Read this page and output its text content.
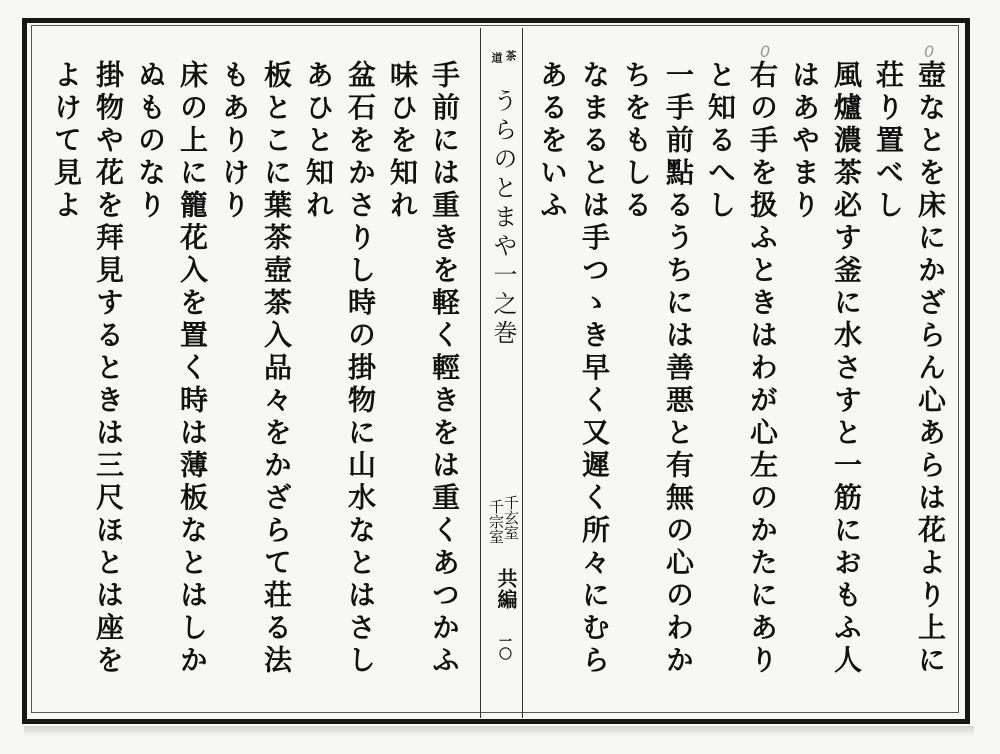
壺なとを床にかざらん心あらは花より上に
荘り置べし
風爐濃茶必す釜に水さすと一筋におもふ人
はあやまり
右の手を扱ふときはわが心左のかたにあり
と知るへし
一手前點るうちには善悪と有無の心のわか
ちをもしる
なまるとは手つゝき早く又遲く所々にむら
あるをいふ
0
0
茶
道
うらのとまや一之巻
千玄室
千宗室
共編
一〇
手前には重きを軽く輕きをは重くあつかふ
味ひを知れ
盆石をかさりし時の掛物に山水なとはさし
あひと知れ
板とこに葉茶壺茶入品々をかざらて荘る法
もありけり
床の上に籠花入を置く時は薄板なとはしか
ぬものなり
掛物や花を拜見するときは三尺ほとは座を
よけて見よ
